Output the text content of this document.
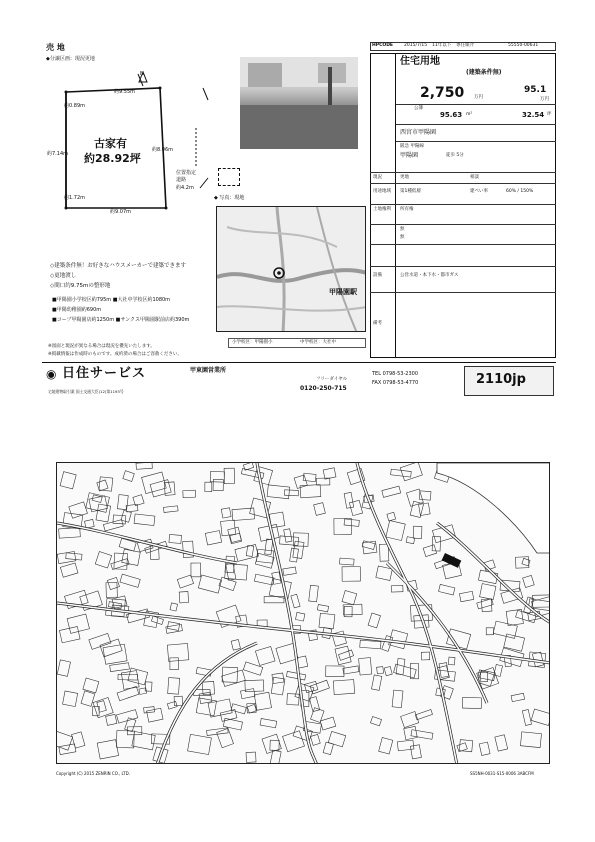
売 地
◆分譲区画：現況更地
N
約9.55m
約0.89m
約7.14m
約8.06m
約1.72m
約9.07m
古家有
約28.92坪
位置指定道路
約4.2m
◆ 写真：現地
甲陽園駅
小学校区：甲陽園小	中学校区：大社中
◇建築条件無！お好きなハウスメーカーで建築できます
◇更地渡し
◇間口約9.75mの整形地
■甲陽園小学校区約795m ■大社中学校区約1080m
■甲陽幼稚園約690m
■コープ甲陽園店約1250m ■サンクス甲陽園駅前店約390m
※図面と現況が異なる場合は現況を優先いたします。
※掲載情報は作成時のものです。成約済の場合はご容赦ください。
HPCODE 2015/7/15 11年以下 専任媒介	55550-00631
住宅用地
(建築条件無)
2,750 万円
95.1
万円
公簿
95.63 m²	32.54 坪
西宮市甲陽園
阪急 甲陽線
甲陽園	徒歩 5分
現況	更地	相談
用途地域 第1種低層	建ぺい率	60% / 150%
土地権利 所有権
無
無
設備	公営水道・本下水・都市ガス
備考
◉ 日住サービス
宅地建物取引業 国土交通大臣(12)第1193号
甲東園営業所
フリーダイヤル
0120-250-715
TEL 0798-53-2300
FAX 0798-53-4770	2110jp
Copyright (C) 2015 ZENRIN CO., LTD.	SS5NH-0031-S15-0006 3ABCFM
